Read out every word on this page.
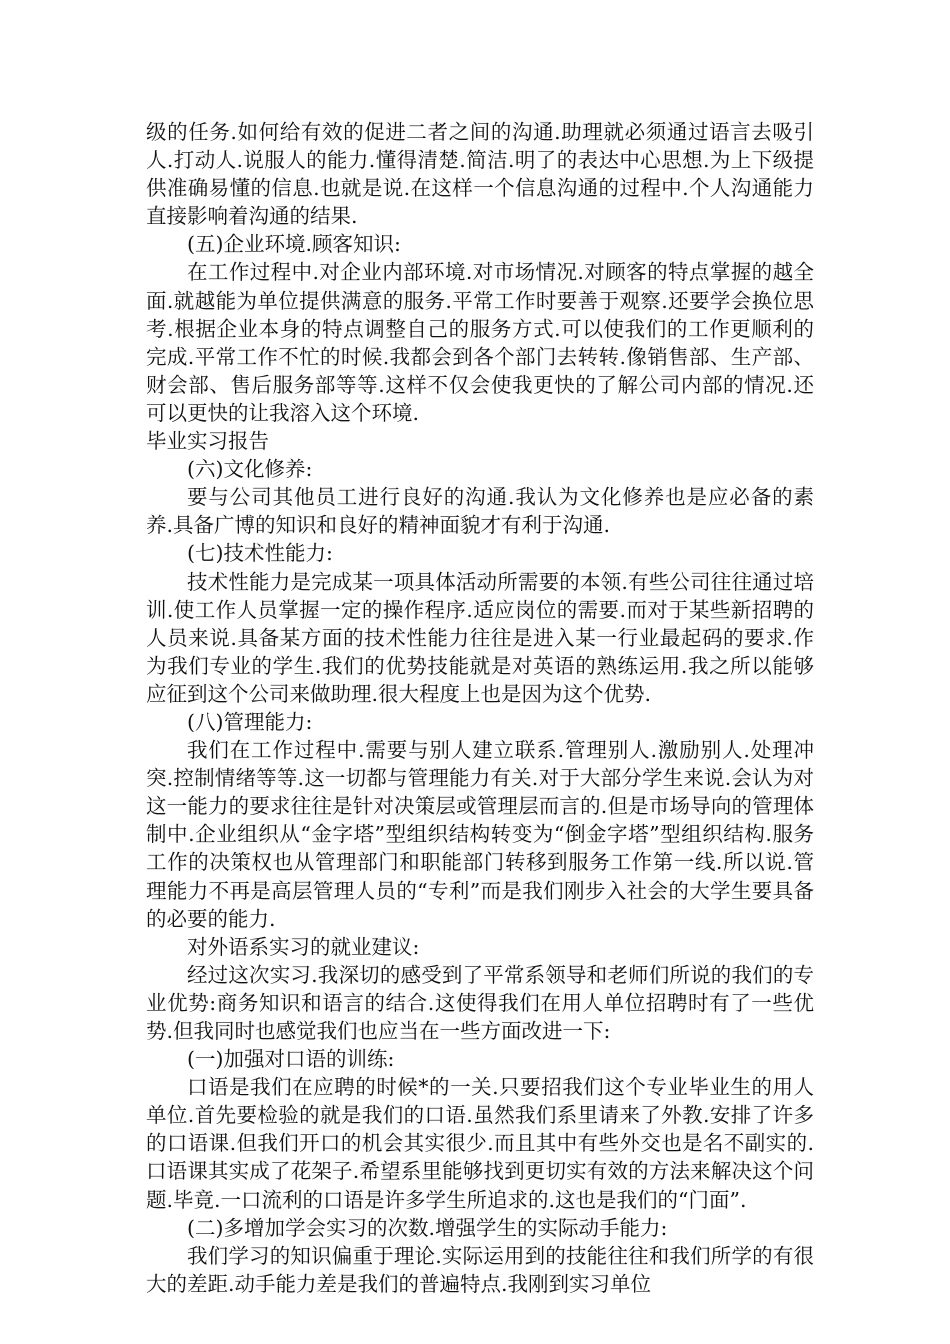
级的任务.如何给有效的促进二者之间的沟通.助理就必须通过语言去吸引人.打动人.说服人的能力.懂得清楚.简洁.明了的表达中心思想.为上下级提供准确易懂的信息.也就是说.在这样一个信息沟通的过程中.个人沟通能力直接影响着沟通的结果.

(五)企业环境.顾客知识:

在工作过程中.对企业内部环境.对市场情况.对顾客的特点掌握的越全面.就越能为单位提供满意的服务.平常工作时要善于观察.还要学会换位思考.根据企业本身的特点调整自己的服务方式.可以使我们的工作更顺利的完成.平常工作不忙的时候.我都会到各个部门去转转.像销售部、生产部、财会部、售后服务部等等.这样不仅会使我更快的了解公司内部的情况.还可以更快的让我溶入这个环境.

毕业实习报告

(六)文化修养:

要与公司其他员工进行良好的沟通.我认为文化修养也是应必备的素养.具备广博的知识和良好的精神面貌才有利于沟通.

(七)技术性能力:

技术性能力是完成某一项具体活动所需要的本领.有些公司往往通过培训.使工作人员掌握一定的操作程序.适应岗位的需要.而对于某些新招聘的人员来说.具备某方面的技术性能力往往是进入某一行业最起码的要求.作为我们专业的学生.我们的优势技能就是对英语的熟练运用.我之所以能够应征到这个公司来做助理.很大程度上也是因为这个优势.

(八)管理能力:

我们在工作过程中.需要与别人建立联系.管理别人.激励别人.处理冲突.控制情绪等等.这一切都与管理能力有关.对于大部分学生来说.会认为对这一能力的要求往往是针对决策层或管理层而言的.但是市场导向的管理体制中.企业组织从“金字塔”型组织结构转变为“倒金字塔”型组织结构.服务工作的决策权也从管理部门和职能部门转移到服务工作第一线.所以说.管理能力不再是高层管理人员的“专利”而是我们刚步入社会的大学生要具备的必要的能力.

对外语系实习的就业建议:

经过这次实习.我深切的感受到了平常系领导和老师们所说的我们的专业优势:商务知识和语言的结合.这使得我们在用人单位招聘时有了一些优势.但我同时也感觉我们也应当在一些方面改进一下:

(一)加强对口语的训练:

口语是我们在应聘的时候*的一关.只要招我们这个专业毕业生的用人单位.首先要检验的就是我们的口语.虽然我们系里请来了外教.安排了许多的口语课.但我们开口的机会其实很少.而且其中有些外交也是名不副实的.口语课其实成了花架子.希望系里能够找到更切实有效的方法来解决这个问题.毕竟.一口流利的口语是许多学生所追求的.这也是我们的“门面”.

(二)多增加学会实习的次数.增强学生的实际动手能力:

我们学习的知识偏重于理论.实际运用到的技能往往和我们所学的有很大的差距.动手能力差是我们的普遍特点.我刚到实习单位
